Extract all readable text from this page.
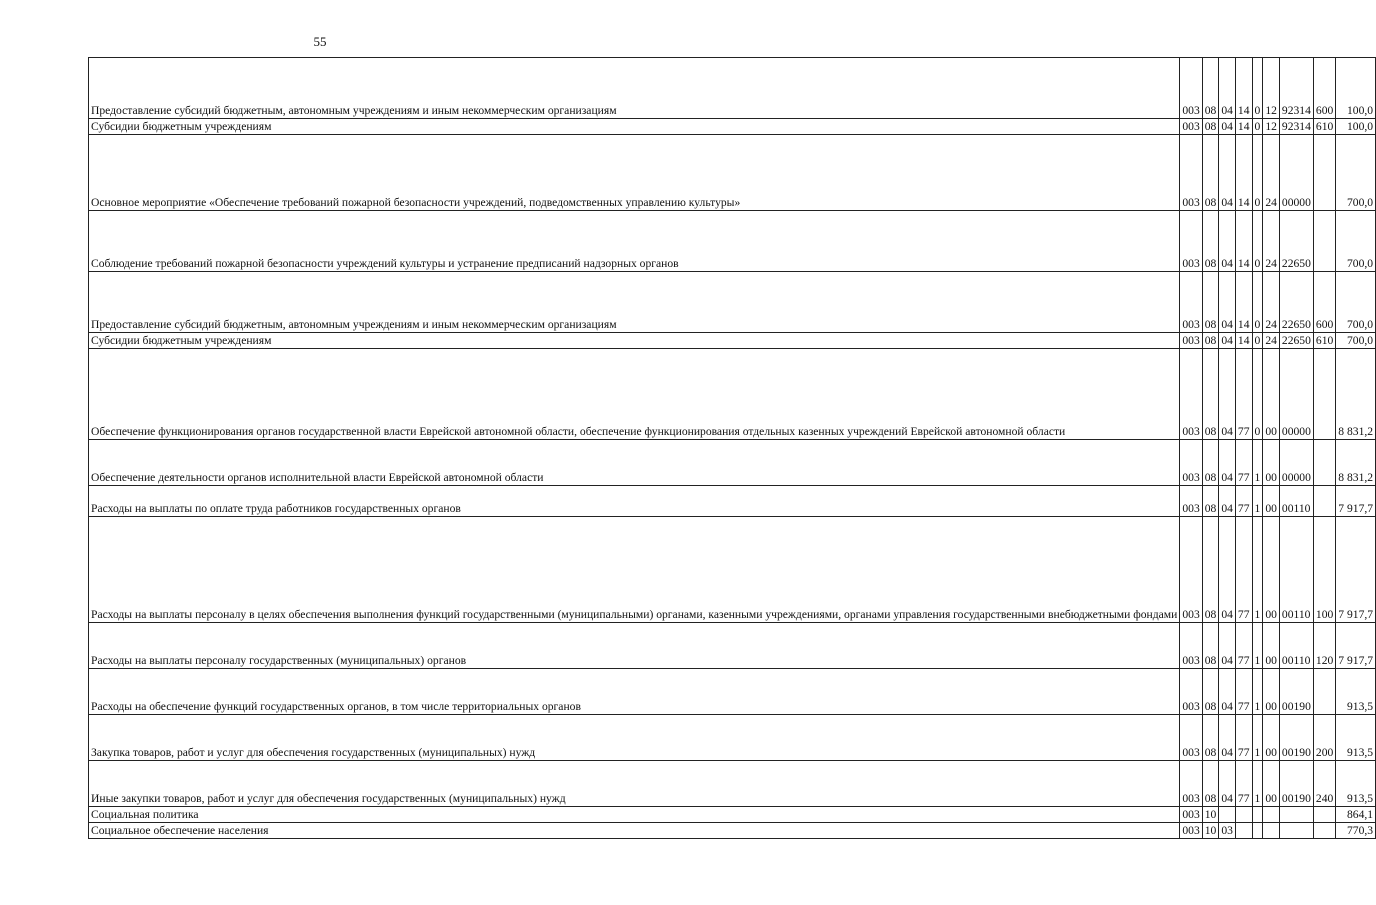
55
Предоставление субсидий бюджетным, автономным учреждениям и иным некоммерческим организациям	003	08	04	14	0	12	92314	600	100,0
Субсидии бюджетным учреждениям	003	08	04	14	0	12	92314	610	100,0
Основное мероприятие «Обеспечение требований пожарной безопасности учреждений, подведомственных управлению культуры»	003	08	04	14	0	24	00000		700,0
Соблюдение требований пожарной безопасности учреждений культуры и устранение предписаний надзорных органов	003	08	04	14	0	24	22650		700,0
Предоставление субсидий бюджетным, автономным учреждениям и иным некоммерческим организациям	003	08	04	14	0	24	22650	600	700,0
Субсидии бюджетным учреждениям	003	08	04	14	0	24	22650	610	700,0
Обеспечение функционирования органов государственной власти Еврейской автономной области, обеспечение функционирования отдельных казенных учреждений Еврейской автономной области	003	08	04	77	0	00	00000		8 831,2
Обеспечение деятельности органов исполнительной власти Еврейской автономной области	003	08	04	77	1	00	00000		8 831,2
Расходы на выплаты по оплате труда работников государственных органов	003	08	04	77	1	00	00110		7 917,7
Расходы на выплаты персоналу в целях обеспечения выполнения функций государственными (муниципальными) органами, казенными учреждениями, органами управления государственными внебюджетными фондами	003	08	04	77	1	00	00110	100	7 917,7
Расходы на выплаты персоналу государственных (муниципальных) органов	003	08	04	77	1	00	00110	120	7 917,7
Расходы на обеспечение функций государственных органов, в том числе территориальных органов	003	08	04	77	1	00	00190		913,5
Закупка товаров, работ и услуг для обеспечения государственных (муниципальных) нужд	003	08	04	77	1	00	00190	200	913,5
Иные закупки товаров, работ и услуг для обеспечения государственных (муниципальных) нужд	003	08	04	77	1	00	00190	240	913,5
Социальная политика	003	10							864,1
Социальное обеспечение населения	003	10	03						770,3
